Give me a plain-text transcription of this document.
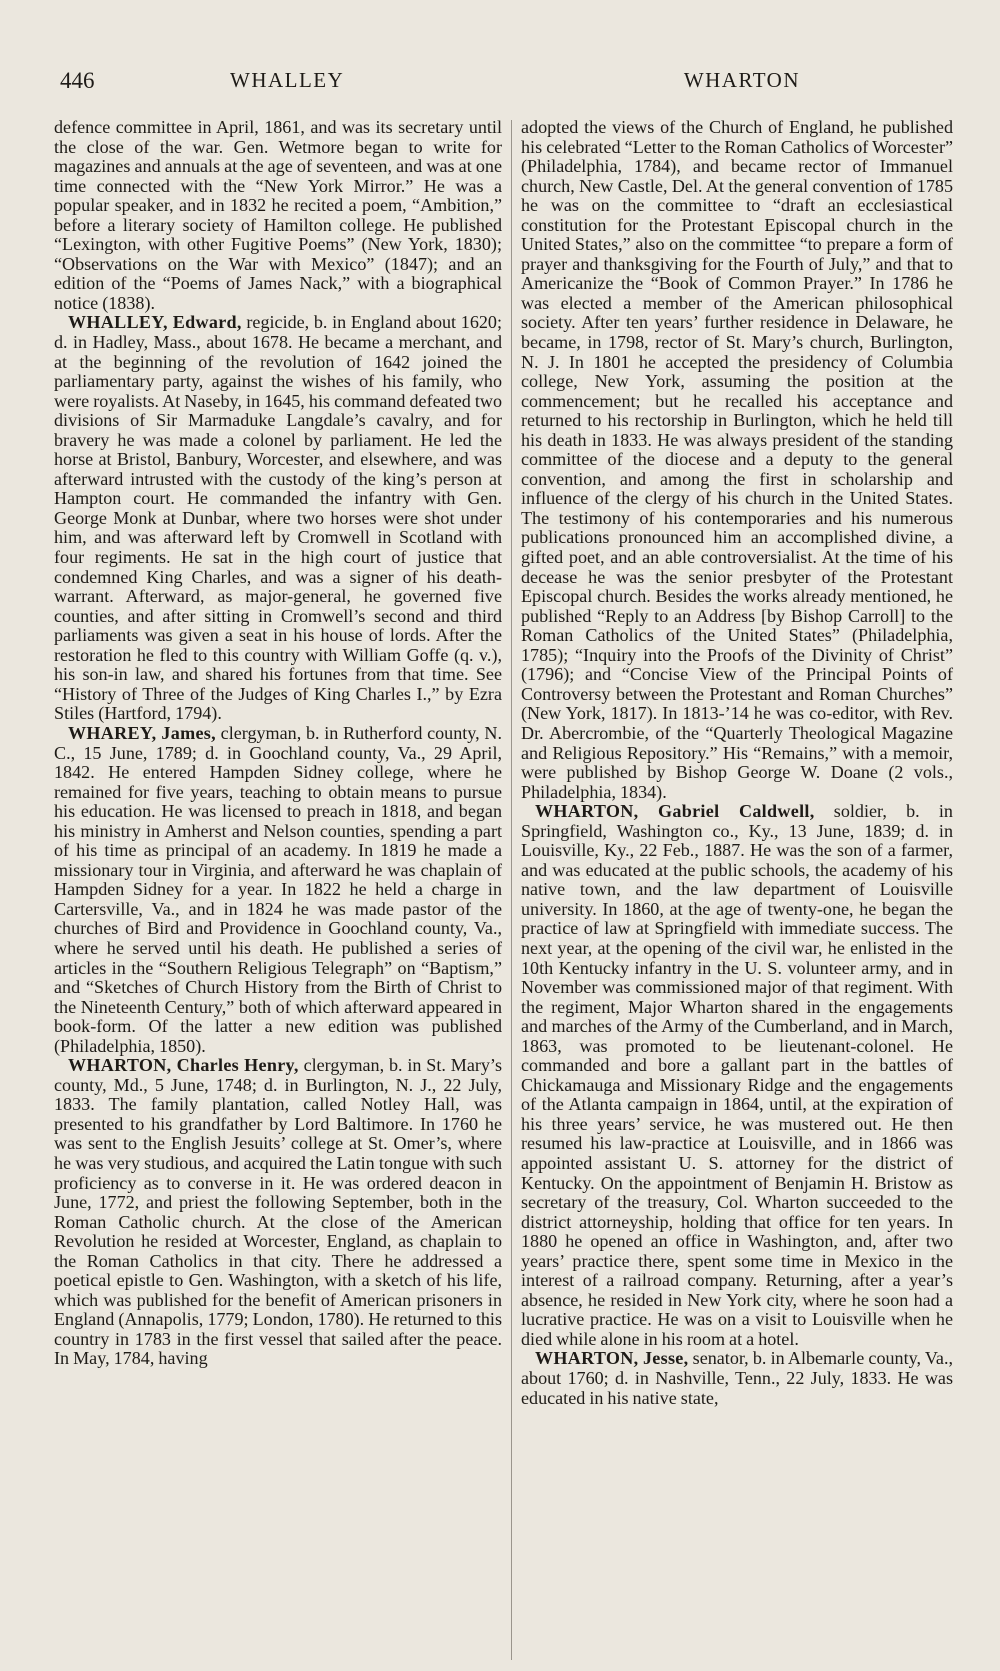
446	WHALLEY	WHARTON

defence committee in April, 1861, and was its secretary until the close of the war. Gen. Wetmore began to write for magazines and annuals at the age of seventeen, and was at one time connected with the “New York Mirror.” He was a popular speaker, and in 1832 he recited a poem, “Ambition,” before a literary society of Hamilton college. He published “Lexington, with other Fugitive Poems” (New York, 1830); “Observations on the War with Mexico” (1847); and an edition of the “Poems of James Nack,” with a biographical notice (1838).

WHALLEY, Edward, regicide, b. in England about 1620; d. in Hadley, Mass., about 1678. He became a merchant, and at the beginning of the revolution of 1642 joined the parliamentary party, against the wishes of his family, who were royalists. At Naseby, in 1645, his command defeated two divisions of Sir Marmaduke Langdale’s cavalry, and for bravery he was made a colonel by parliament. He led the horse at Bristol, Banbury, Worcester, and elsewhere, and was afterward intrusted with the custody of the king’s person at Hampton court. He commanded the infantry with Gen. George Monk at Dunbar, where two horses were shot under him, and was afterward left by Cromwell in Scotland with four regiments. He sat in the high court of justice that condemned King Charles, and was a signer of his death-warrant. Afterward, as major-general, he governed five counties, and after sitting in Cromwell’s second and third parliaments was given a seat in his house of lords. After the restoration he fled to this country with William Goffe (q. v.), his son-in law, and shared his fortunes from that time. See “History of Three of the Judges of King Charles I.,” by Ezra Stiles (Hartford, 1794).

WHAREY, James, clergyman, b. in Rutherford county, N. C., 15 June, 1789; d. in Goochland county, Va., 29 April, 1842. He entered Hampden Sidney college, where he remained for five years, teaching to obtain means to pursue his education. He was licensed to preach in 1818, and began his ministry in Amherst and Nelson counties, spending a part of his time as principal of an academy. In 1819 he made a missionary tour in Virginia, and afterward he was chaplain of Hampden Sidney for a year. In 1822 he held a charge in Cartersville, Va., and in 1824 he was made pastor of the churches of Bird and Providence in Goochland county, Va., where he served until his death. He published a series of articles in the “Southern Religious Telegraph” on “Baptism,” and “Sketches of Church History from the Birth of Christ to the Nineteenth Century,” both of which afterward appeared in book-form. Of the latter a new edition was published (Philadelphia, 1850).

WHARTON, Charles Henry, clergyman, b. in St. Mary’s county, Md., 5 June, 1748; d. in Burlington, N. J., 22 July, 1833. The family plantation, called Notley Hall, was presented to his grandfather by Lord Baltimore. In 1760 he was sent to the English Jesuits’ college at St. Omer’s, where he was very studious, and acquired the Latin tongue with such proficiency as to converse in it. He was ordered deacon in June, 1772, and priest the following September, both in the Roman Catholic church. At the close of the American Revolution he resided at Worcester, England, as chaplain to the Roman Catholics in that city. There he addressed a poetical epistle to Gen. Washington, with a sketch of his life, which was published for the benefit of American prisoners in England (Annapolis, 1779; London, 1780). He returned to this country in 1783 in the first vessel that sailed after the peace. In May, 1784, having

adopted the views of the Church of England, he published his celebrated “Letter to the Roman Catholics of Worcester” (Philadelphia, 1784), and became rector of Immanuel church, New Castle, Del. At the general convention of 1785 he was on the committee to “draft an ecclesiastical constitution for the Protestant Episcopal church in the United States,” also on the committee “to prepare a form of prayer and thanksgiving for the Fourth of July,” and that to Americanize the “Book of Common Prayer.” In 1786 he was elected a member of the American philosophical society. After ten years’ further residence in Delaware, he became, in 1798, rector of St. Mary’s church, Burlington, N. J. In 1801 he accepted the presidency of Columbia college, New York, assuming the position at the commencement; but he recalled his acceptance and returned to his rectorship in Burlington, which he held till his death in 1833. He was always president of the standing committee of the diocese and a deputy to the general convention, and among the first in scholarship and influence of the clergy of his church in the United States. The testimony of his contemporaries and his numerous publications pronounced him an accomplished divine, a gifted poet, and an able controversialist. At the time of his decease he was the senior presbyter of the Protestant Episcopal church. Besides the works already mentioned, he published “Reply to an Address [by Bishop Carroll] to the Roman Catholics of the United States” (Philadelphia, 1785); “Inquiry into the Proofs of the Divinity of Christ” (1796); and “Concise View of the Principal Points of Controversy between the Protestant and Roman Churches” (New York, 1817). In 1813-’14 he was co-editor, with Rev. Dr. Abercrombie, of the “Quarterly Theological Magazine and Religious Repository.” His “Remains,” with a memoir, were published by Bishop George W. Doane (2 vols., Philadelphia, 1834).

WHARTON, Gabriel Caldwell, soldier, b. in Springfield, Washington co., Ky., 13 June, 1839; d. in Louisville, Ky., 22 Feb., 1887. He was the son of a farmer, and was educated at the public schools, the academy of his native town, and the law department of Louisville university. In 1860, at the age of twenty-one, he began the practice of law at Springfield with immediate success. The next year, at the opening of the civil war, he enlisted in the 10th Kentucky infantry in the U. S. volunteer army, and in November was commissioned major of that regiment. With the regiment, Major Wharton shared in the engagements and marches of the Army of the Cumberland, and in March, 1863, was promoted to be lieutenant-colonel. He commanded and bore a gallant part in the battles of Chickamauga and Missionary Ridge and the engagements of the Atlanta campaign in 1864, until, at the expiration of his three years’ service, he was mustered out. He then resumed his law-practice at Louisville, and in 1866 was appointed assistant U. S. attorney for the district of Kentucky. On the appointment of Benjamin H. Bristow as secretary of the treasury, Col. Wharton succeeded to the district attorneyship, holding that office for ten years. In 1880 he opened an office in Washington, and, after two years’ practice there, spent some time in Mexico in the interest of a railroad company. Returning, after a year’s absence, he resided in New York city, where he soon had a lucrative practice. He was on a visit to Louisville when he died while alone in his room at a hotel.

WHARTON, Jesse, senator, b. in Albemarle county, Va., about 1760; d. in Nashville, Tenn., 22 July, 1833. He was educated in his native state,
